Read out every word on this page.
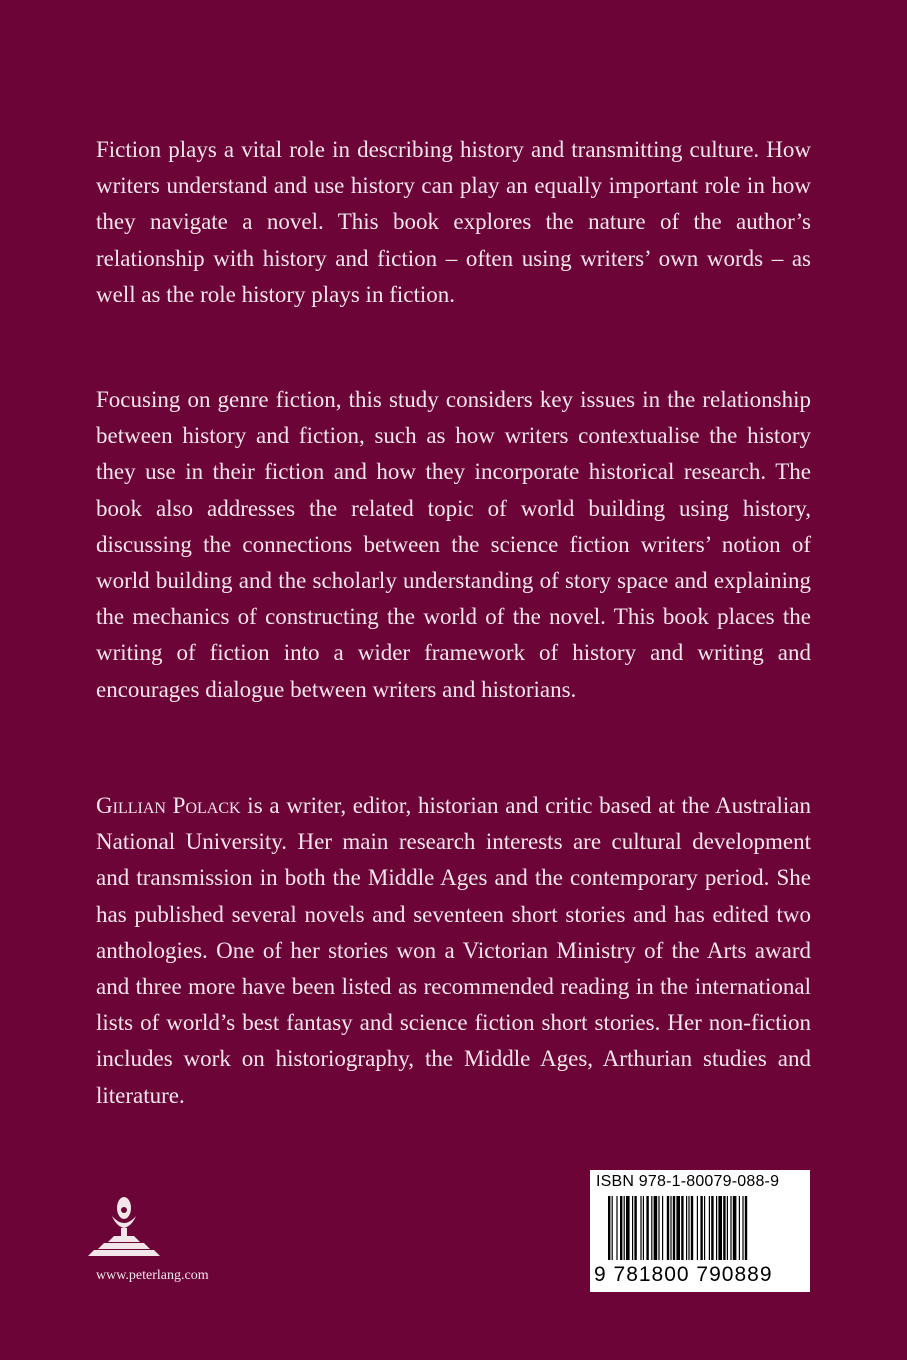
Fiction plays a vital role in describing history and transmitting culture. How writers understand and use history can play an equally important role in how they navigate a novel. This book explores the nature of the author’s relationship with history and fiction – often using writers’ own words – as well as the role history plays in fiction.

Focusing on genre fiction, this study considers key issues in the relationship between history and fiction, such as how writers contextualise the history they use in their fiction and how they incorporate historical research. The book also addresses the related topic of world building using history, discussing the connections between the science fiction writers’ notion of world building and the scholarly understanding of story space and explaining the mechanics of constructing the world of the novel. This book places the writing of fiction into a wider framework of history and writing and encourages dialogue between writers and historians.

Gillian Polack is a writer, editor, historian and critic based at the Australian National University. Her main research interests are cultural development and transmission in both the Middle Ages and the contemporary period. She has published several novels and seventeen short stories and has edited two anthologies. One of her stories won a Victorian Ministry of the Arts award and three more have been listed as recommended reading in the international lists of world’s best fantasy and science fiction short stories. Her non-fiction includes work on historiography, the Middle Ages, Arthurian studies and literature.

www.peterlang.com
ISBN 978-1-80079-088-9
9 781800 790889
